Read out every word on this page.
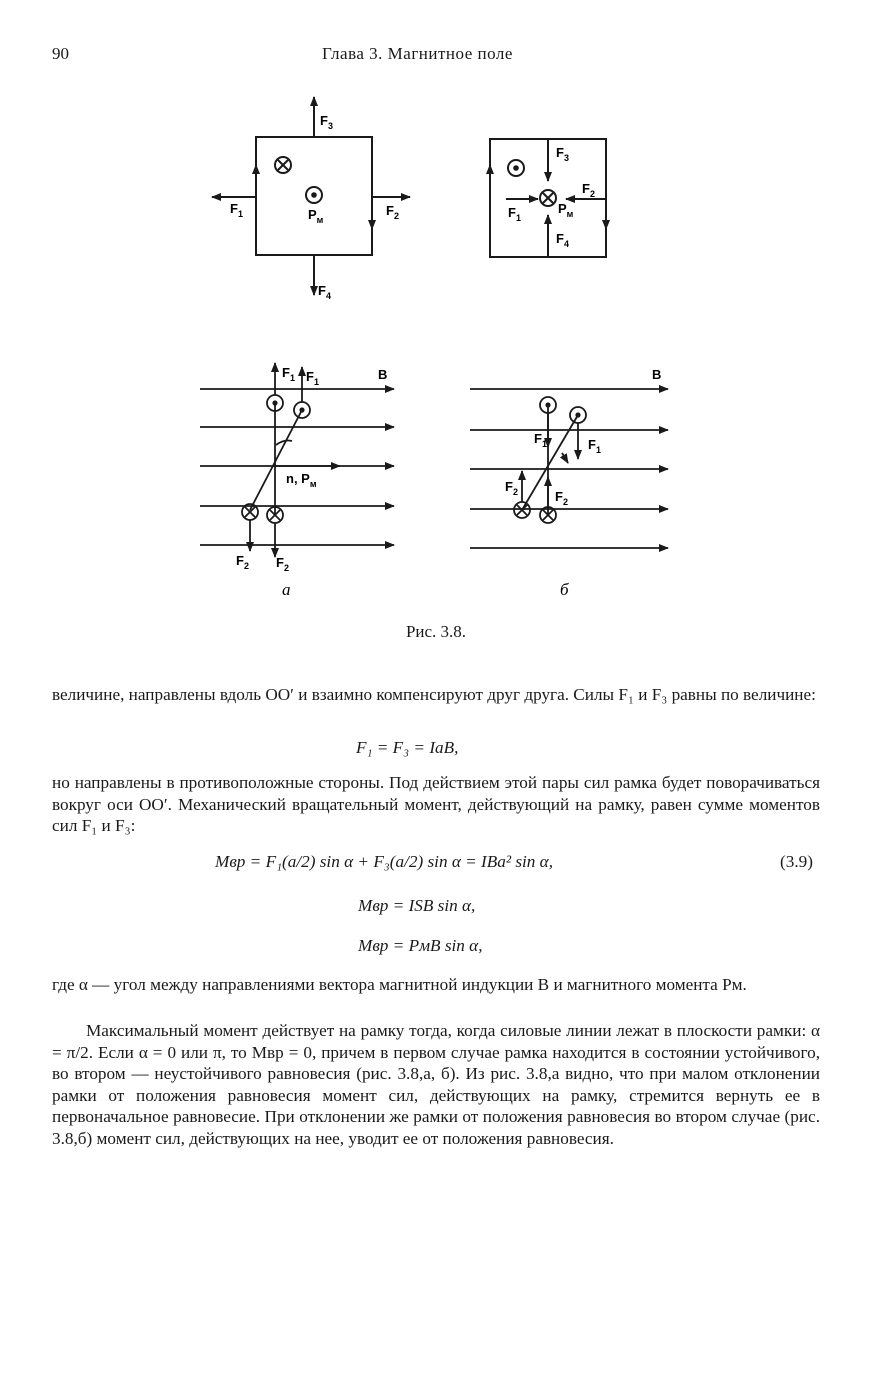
90	Глава 3. Магнитное поле
$F_3$
$F_4$
$F_1$	$F_2$
$P_м$
$F_3$
$F_4$
$F_1$
$F_2$
$P_м$
$F_1$ $F_1$	B
n, $P_м$
$F_2$ $F_2$
B
$F_1$	$F_1$
$F_2$	$F_2$
а	б
Рис. 3.8.
величине, направлены вдоль OO′ и взаимно компенсируют друг друга. Силы F₁ и F₃ равны по величине:
F₁ = F₃ = IaB,
но направлены в противоположные стороны. Под действием этой пары сил рамка будет поворачиваться вокруг оси OO′. Механический вращательный момент, действующий на рамку, равен сумме моментов сил F₁ и F₃:
Mвр = F₁(a/2) sin α + F₃(a/2) sin α = IBa² sin α,	(3.9)
Mвр = ISB sin α,
Mвр = PмB sin α,
где α — угол между направлениями вектора магнитной индукции B и магнитного момента Pм.
Максимальный момент действует на рамку тогда, когда силовые линии лежат в плоскости рамки: α = π/2. Если α = 0 или π, то Mвр = 0, причем в первом случае рамка находится в состоянии устойчивого, во втором — неустойчивого равновесия (рис. 3.8,а, б). Из рис. 3.8,а видно, что при малом отклонении рамки от положения равновесия момент сил, действующих на рамку, стремится вернуть ее в первоначальное равновесие. При отклонении же рамки от положения равновесия во втором случае (рис. 3.8,б) момент сил, действующих на нее, уводит ее от положения равновесия.
